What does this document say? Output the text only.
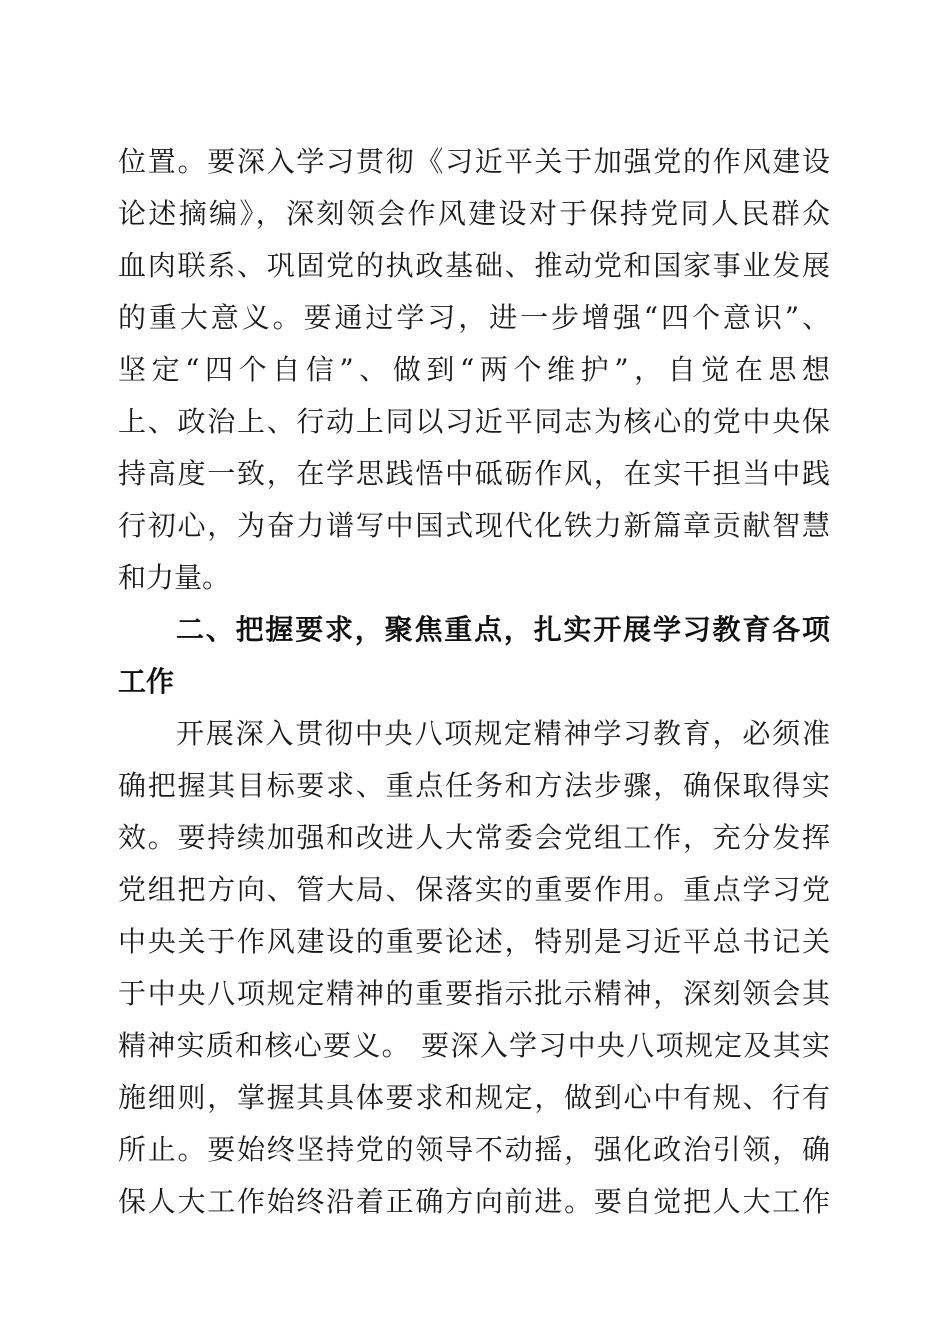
位置。要深入学习贯彻《习近平关于加强党的作风建设
论述摘编》，深刻领会作风建设对于保持党同人民群众
血肉联系、巩固党的执政基础、推动党和国家事业发展
的重大意义。要通过学习，进一步增强“四个意识”、
坚定“四个自信”、做到“两个维护”，自觉在思想
上、政治上、行动上同以习近平同志为核心的党中央保
持高度一致，在学思践悟中砥砺作风，在实干担当中践
行初心，为奋力谱写中国式现代化铁力新篇章贡献智慧
和力量。
二、把握要求，聚焦重点，扎实开展学习教育各项
工作
开展深入贯彻中央八项规定精神学习教育，必须准
确把握其目标要求、重点任务和方法步骤，确保取得实
效。要持续加强和改进人大常委会党组工作，充分发挥
党组把方向、管大局、保落实的重要作用。重点学习党
中央关于作风建设的重要论述，特别是习近平总书记关
于中央八项规定精神的重要指示批示精神，深刻领会其
精神实质和核心要义。 要深入学习中央八项规定及其实
施细则，掌握其具体要求和规定，做到心中有规、行有
所止。要始终坚持党的领导不动摇，强化政治引领，确
保人大工作始终沿着正确方向前进。要自觉把人大工作
